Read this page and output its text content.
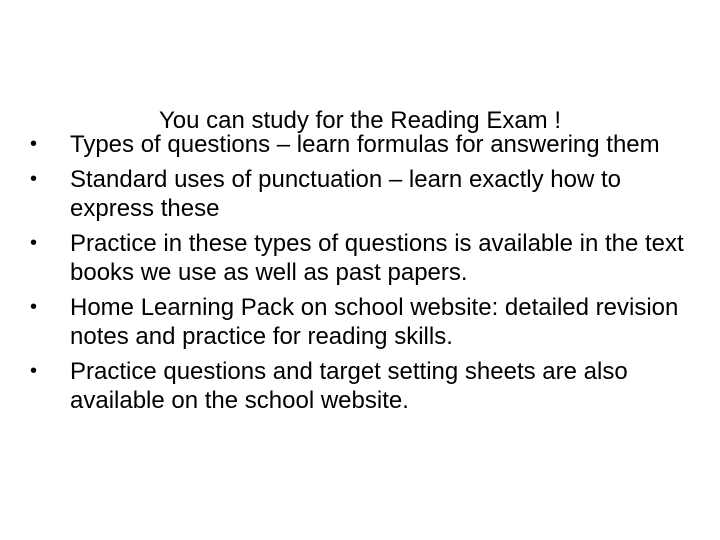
You can study for the Reading Exam !
•	Types of questions – learn formulas for answering them
•	Standard uses of punctuation – learn exactly how to express these
•	Practice in these types of questions is available in the text books we use as well as past papers.
•	Home Learning Pack on school website: detailed revision notes and practice for reading skills.
•	Practice questions and target setting sheets are also available on the school website.
